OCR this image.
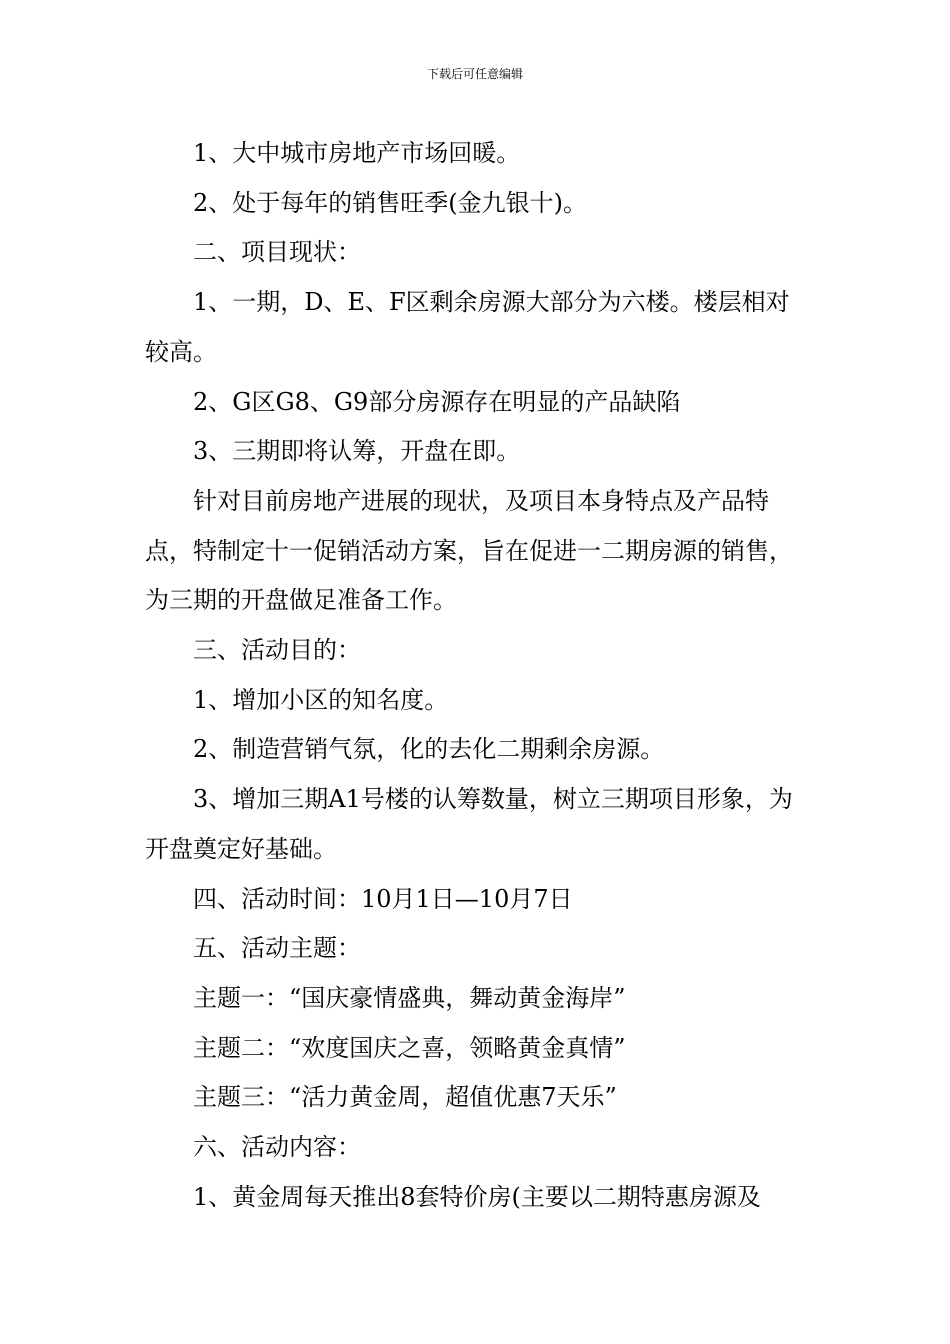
下载后可任意编辑

1、大中城市房地产市场回暖。

2、处于每年的销售旺季(金九银十)。

二、项目现状：

1、一期，D、E、F区剩余房源大部分为六楼。楼层相对较高。

2、G区G8、G9部分房源存在明显的产品缺陷

3、三期即将认筹，开盘在即。

针对目前房地产进展的现状，及项目本身特点及产品特点，特制定十一促销活动方案，旨在促进一二期房源的销售，为三期的开盘做足准备工作。

三、活动目的：

1、增加小区的知名度。

2、制造营销气氛，化的去化二期剩余房源。

3、增加三期A1号楼的认筹数量，树立三期项目形象，为开盘奠定好基础。

四、活动时间：10月1日—10月7日

五、活动主题：

主题一：“国庆豪情盛典，舞动黄金海岸”

主题二：“欢度国庆之喜，领略黄金真情”

主题三：“活力黄金周，超值优惠7天乐”

六、活动内容：

1、黄金周每天推出8套特价房(主要以二期特惠房源及
